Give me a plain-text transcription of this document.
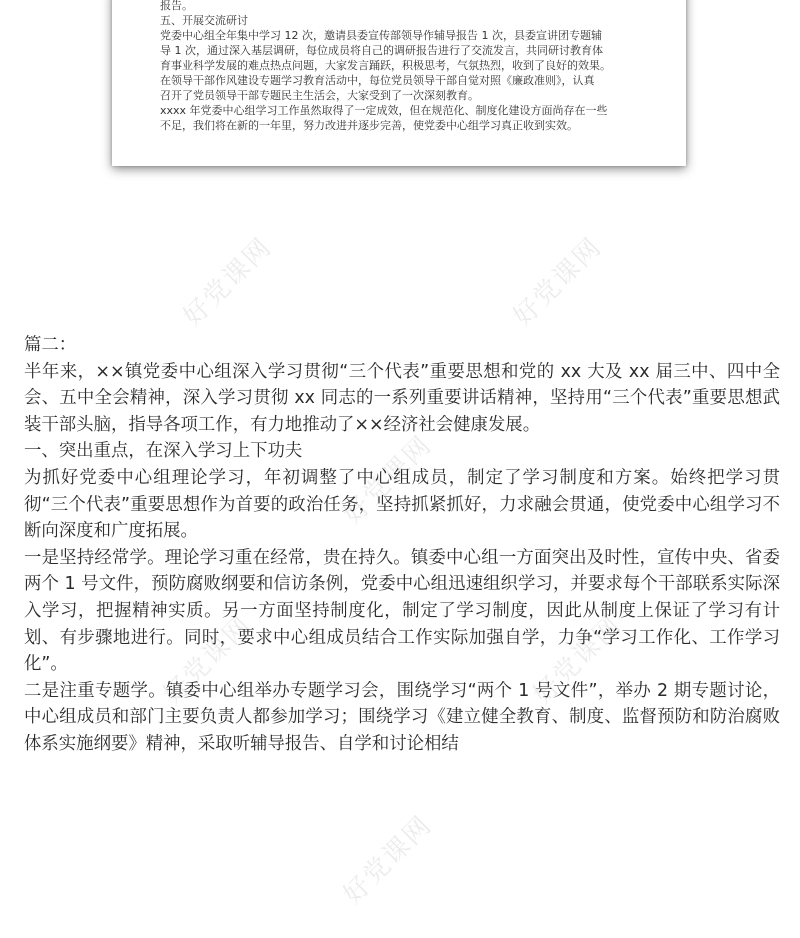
报告。

五、开展交流研讨

党委中心组全年集中学习 12 次，邀请县委宣传部领导作辅导报告 1 次，县委宣讲团专题辅

导 1 次，通过深入基层调研，每位成员将自己的调研报告进行了交流发言，共同研讨教育体

育事业科学发展的难点热点问题，大家发言踊跃，积极思考，气氛热烈，收到了良好的效果。

在领导干部作风建设专题学习教育活动中，每位党员领导干部自觉对照《廉政准则》，认真

召开了党员领导干部专题民主生活会，大家受到了一次深刻教育。

xxxx 年党委中心组学习工作虽然取得了一定成效，但在规范化、制度化建设方面尚存在一些

不足，我们将在新的一年里，努力改进并逐步完善，使党委中心组学习真正收到实效。

好党课网	好党课网
好党课网
好党课网	好党课网
好党课网

篇二：

半年来，××镇党委中心组深入学习贯彻“三个代表”重要思想和党的 xx 大及 xx 届三中、四中全会、五中全会精神，深入学习贯彻 xx 同志的一系列重要讲话精神，坚持用“三个代表”重要思想武装干部头脑，指导各项工作，有力地推动了××经济社会健康发展。

一、突出重点，在深入学习上下功夫

为抓好党委中心组理论学习，年初调整了中心组成员，制定了学习制度和方案。始终把学习贯彻“三个代表”重要思想作为首要的政治任务，坚持抓紧抓好，力求融会贯通，使党委中心组学习不断向深度和广度拓展。

一是坚持经常学。理论学习重在经常，贵在持久。镇委中心组一方面突出及时性，宣传中央、省委两个 1 号文件，预防腐败纲要和信访条例，党委中心组迅速组织学习，并要求每个干部联系实际深入学习，把握精神实质。另一方面坚持制度化，制定了学习制度，因此从制度上保证了学习有计划、有步骤地进行。同时，要求中心组成员结合工作实际加强自学，力争“学习工作化、工作学习化”。

二是注重专题学。镇委中心组举办专题学习会，围绕学习“两个 1 号文件”，举办 2 期专题讨论，中心组成员和部门主要负责人都参加学习；围绕学习《建立健全教育、制度、监督预防和防治腐败体系实施纲要》精神，采取听辅导报告、自学和讨论相结
